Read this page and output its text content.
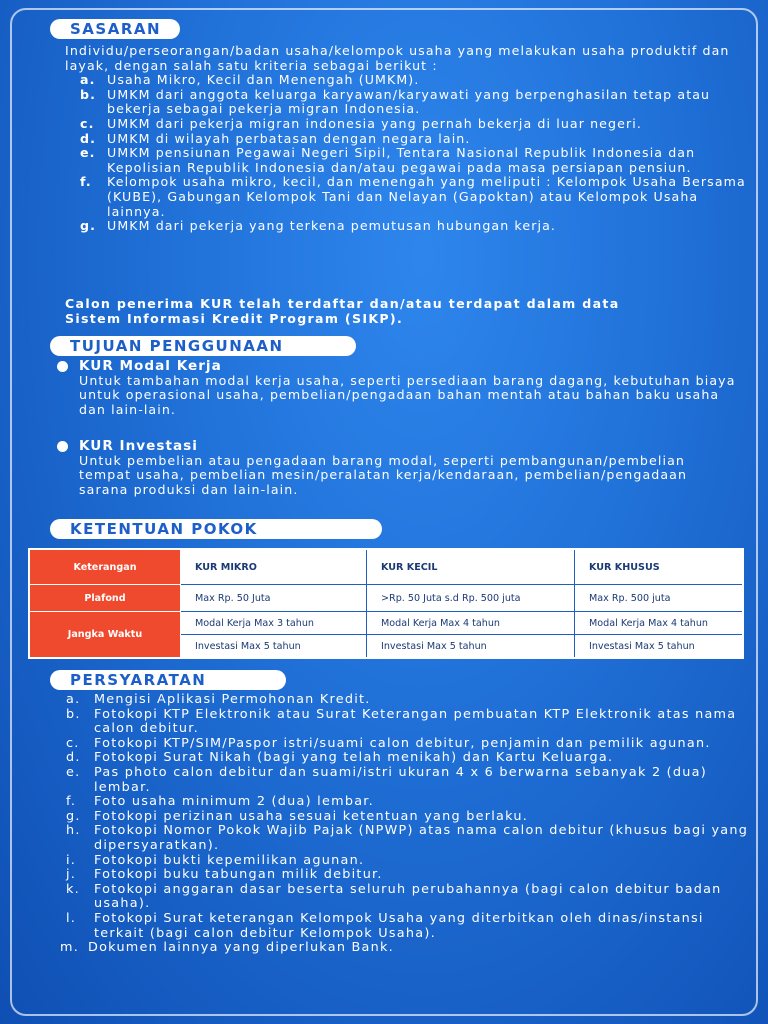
SASARAN

Individu/perseorangan/badan usaha/kelompok usaha yang melakukan usaha produktif dan layak, dengan salah satu kriteria sebagai berikut :

a. Usaha Mikro, Kecil dan Menengah (UMKM).
b. UMKM dari anggota keluarga karyawan/karyawati yang berpenghasilan tetap atau bekerja sebagai pekerja migran Indonesia.
c. UMKM dari pekerja migran indonesia yang pernah bekerja di luar negeri.
d. UMKM di wilayah perbatasan dengan negara lain.
e. UMKM pensiunan Pegawai Negeri Sipil, Tentara Nasional Republik Indonesia dan Kepolisian Republik Indonesia dan/atau pegawai pada masa persiapan pensiun.
f. Kelompok usaha mikro, kecil, dan menengah yang meliputi : Kelompok Usaha Bersama (KUBE), Gabungan Kelompok Tani dan Nelayan (Gapoktan) atau Kelompok Usaha lainnya.
g. UMKM dari pekerja yang terkena pemutusan hubungan kerja.
Calon penerima KUR telah terdaftar dan/atau terdapat dalam data Sistem Informasi Kredit Program (SIKP).
TUJUAN PENGGUNAAN
KUR Modal Kerja
Untuk tambahan modal kerja usaha, seperti persediaan barang dagang, kebutuhan biaya untuk operasional usaha, pembelian/pengadaan bahan mentah atau bahan baku usaha dan lain-lain.
KUR Investasi
Untuk pembelian atau pengadaan barang modal, seperti pembangunan/pembelian tempat usaha, pembelian mesin/peralatan kerja/kendaraan, pembelian/pengadaan sarana produksi dan lain-lain.
KETENTUAN POKOK
Keterangan	KUR MIKRO	KUR KECIL	KUR KHUSUS
Plafond	Max Rp. 50 Juta	>Rp. 50 Juta s.d Rp. 500 juta	Max Rp. 500 juta
Jangka Waktu	Modal Kerja Max 3 tahun	Modal Kerja Max 4 tahun	Modal Kerja Max 4 tahun
	Investasi Max 5 tahun	Investasi Max 5 tahun	Investasi Max 5 tahun
PERSYARATAN
a. Mengisi Aplikasi Permohonan Kredit.
b. Fotokopi KTP Elektronik atau Surat Keterangan pembuatan KTP Elektronik atas nama calon debitur.
c. Fotokopi KTP/SIM/Paspor istri/suami calon debitur, penjamin dan pemilik agunan.
d. Fotokopi Surat Nikah (bagi yang telah menikah) dan Kartu Keluarga.
e. Pas photo calon debitur dan suami/istri ukuran 4 x 6 berwarna sebanyak 2 (dua) lembar.
f. Foto usaha minimum 2 (dua) lembar.
g. Fotokopi perizinan usaha sesuai ketentuan yang berlaku.
h. Fotokopi Nomor Pokok Wajib Pajak (NPWP) atas nama calon debitur (khusus bagi yang dipersyaratkan).
i. Fotokopi bukti kepemilikan agunan.
j. Fotokopi buku tabungan milik debitur.
k. Fotokopi anggaran dasar beserta seluruh perubahannya (bagi calon debitur badan usaha).
l. Fotokopi Surat keterangan Kelompok Usaha yang diterbitkan oleh dinas/instansi terkait (bagi calon debitur Kelompok Usaha).
m. Dokumen lainnya yang diperlukan Bank.
